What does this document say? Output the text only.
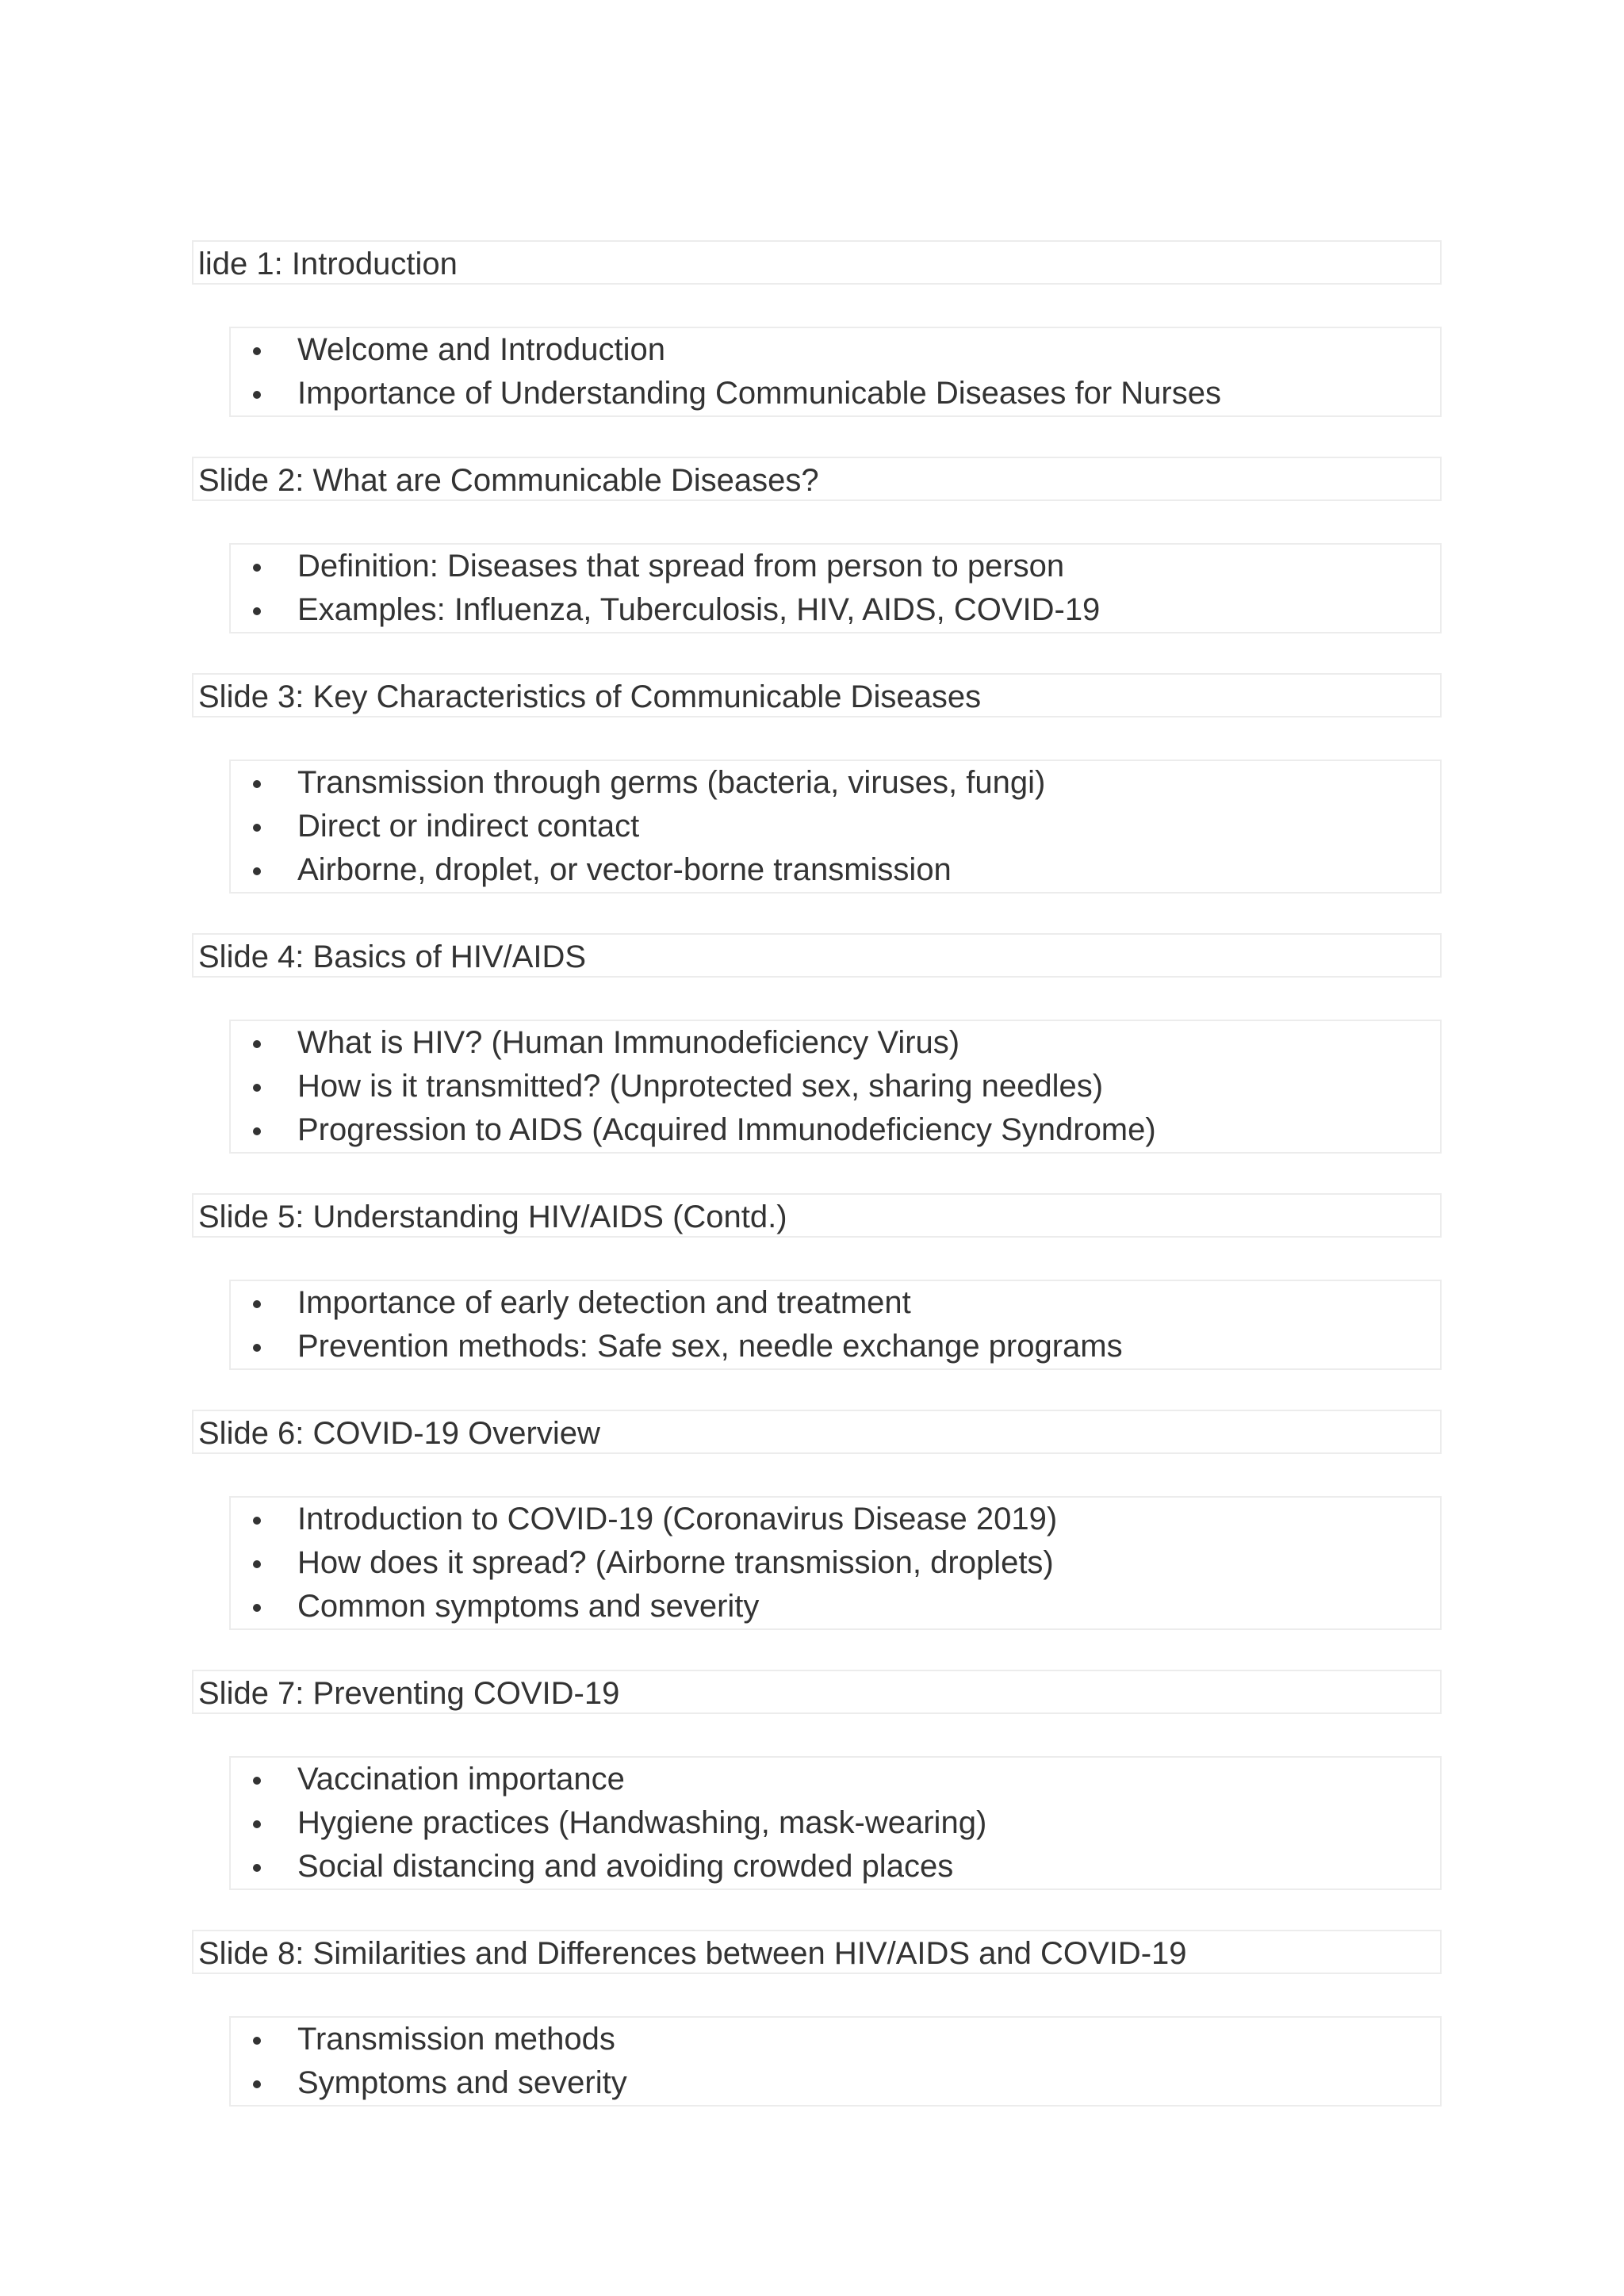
lide 1: Introduction
Welcome and Introduction
Importance of Understanding Communicable Diseases for Nurses
Slide 2: What are Communicable Diseases?
Definition: Diseases that spread from person to person
Examples: Influenza, Tuberculosis, HIV, AIDS, COVID-19
Slide 3: Key Characteristics of Communicable Diseases
Transmission through germs (bacteria, viruses, fungi)
Direct or indirect contact
Airborne, droplet, or vector-borne transmission
Slide 4: Basics of HIV/AIDS
What is HIV? (Human Immunodeficiency Virus)
How is it transmitted? (Unprotected sex, sharing needles)
Progression to AIDS (Acquired Immunodeficiency Syndrome)
Slide 5: Understanding HIV/AIDS (Contd.)
Importance of early detection and treatment
Prevention methods: Safe sex, needle exchange programs
Slide 6: COVID-19 Overview
Introduction to COVID-19 (Coronavirus Disease 2019)
How does it spread? (Airborne transmission, droplets)
Common symptoms and severity
Slide 7: Preventing COVID-19
Vaccination importance
Hygiene practices (Handwashing, mask-wearing)
Social distancing and avoiding crowded places
Slide 8: Similarities and Differences between HIV/AIDS and COVID-19
Transmission methods
Symptoms and severity
